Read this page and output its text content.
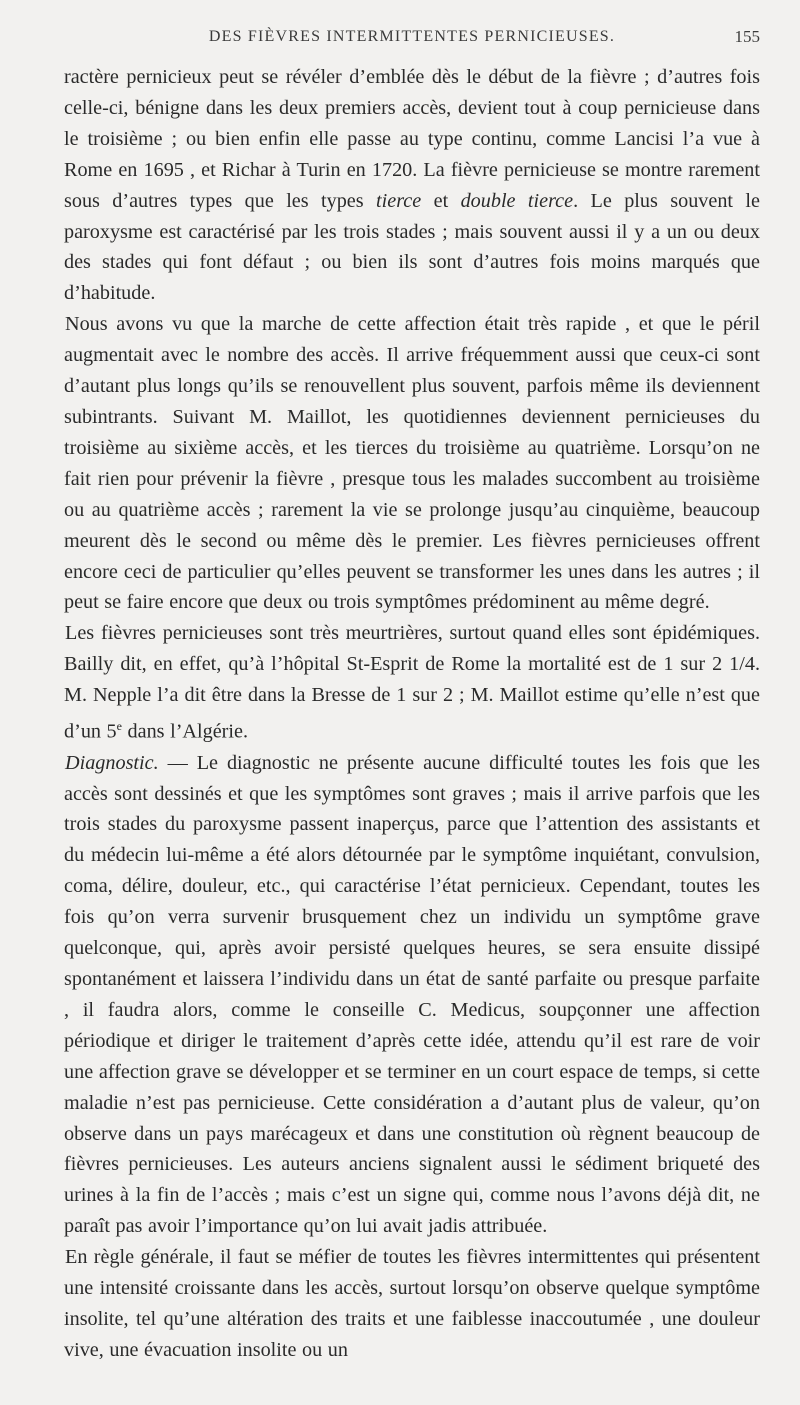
DES FIÈVRES INTERMITTENTES PERNICIEUSES.	155

ractère pernicieux peut se révéler d’emblée dès le début de la fièvre ; d’autres fois celle-ci, bénigne dans les deux premiers accès, devient tout à coup pernicieuse dans le troisième ; ou bien enfin elle passe au type continu, comme Lancisi l’a vue à Rome en 1695 , et Richar à Turin en 1720. La fièvre pernicieuse se montre rarement sous d’autres types que les types tierce et double tierce. Le plus souvent le paroxysme est caractérisé par les trois stades ; mais souvent aussi il y a un ou deux des stades qui font défaut ; ou bien ils sont d’autres fois moins marqués que d’habitude.

Nous avons vu que la marche de cette affection était très rapide , et que le péril augmentait avec le nombre des accès. Il arrive fréquemment aussi que ceux-ci sont d’autant plus longs qu’ils se renouvellent plus souvent, parfois même ils deviennent subintrants. Suivant M. Maillot, les quotidiennes deviennent pernicieuses du troisième au sixième accès, et les tierces du troisième au quatrième. Lorsqu’on ne fait rien pour prévenir la fièvre , presque tous les malades succombent au troisième ou au quatrième accès ; rarement la vie se prolonge jusqu’au cinquième, beaucoup meurent dès le second ou même dès le premier. Les fièvres pernicieuses offrent encore ceci de particulier qu’elles peuvent se transformer les unes dans les autres ; il peut se faire encore que deux ou trois symptômes prédominent au même degré.

Les fièvres pernicieuses sont très meurtrières, surtout quand elles sont épidémiques. Bailly dit, en effet, qu’à l’hôpital St-Esprit de Rome la mortalité est de 1 sur 2 1/4. M. Nepple l’a dit être dans la Bresse de 1 sur 2 ; M. Maillot estime qu’elle n’est que d’un 5e dans l’Algérie.

Diagnostic. — Le diagnostic ne présente aucune difficulté toutes les fois que les accès sont dessinés et que les symptômes sont graves ; mais il arrive parfois que les trois stades du paroxysme passent inaperçus, parce que l’attention des assistants et du médecin lui-même a été alors détournée par le symptôme inquiétant, convulsion, coma, délire, douleur, etc., qui caractérise l’état pernicieux. Cependant, toutes les fois qu’on verra survenir brusquement chez un individu un symptôme grave quelconque, qui, après avoir persisté quelques heures, se sera ensuite dissipé spontanément et laissera l’individu dans un état de santé parfaite ou presque parfaite , il faudra alors, comme le conseille C. Medicus, soupçonner une affection périodique et diriger le traitement d’après cette idée, attendu qu’il est rare de voir une affection grave se développer et se terminer en un court espace de temps, si cette maladie n’est pas pernicieuse. Cette considération a d’autant plus de valeur, qu’on observe dans un pays marécageux et dans une constitution où règnent beaucoup de fièvres pernicieuses. Les auteurs anciens signalent aussi le sédiment briqueté des urines à la fin de l’accès ; mais c’est un signe qui, comme nous l’avons déjà dit, ne paraît pas avoir l’importance qu’on lui avait jadis attribuée.

En règle générale, il faut se méfier de toutes les fièvres intermittentes qui présentent une intensité croissante dans les accès, surtout lorsqu’on observe quelque symptôme insolite, tel qu’une altération des traits et une faiblesse inaccoutumée , une douleur vive, une évacuation insolite ou un
